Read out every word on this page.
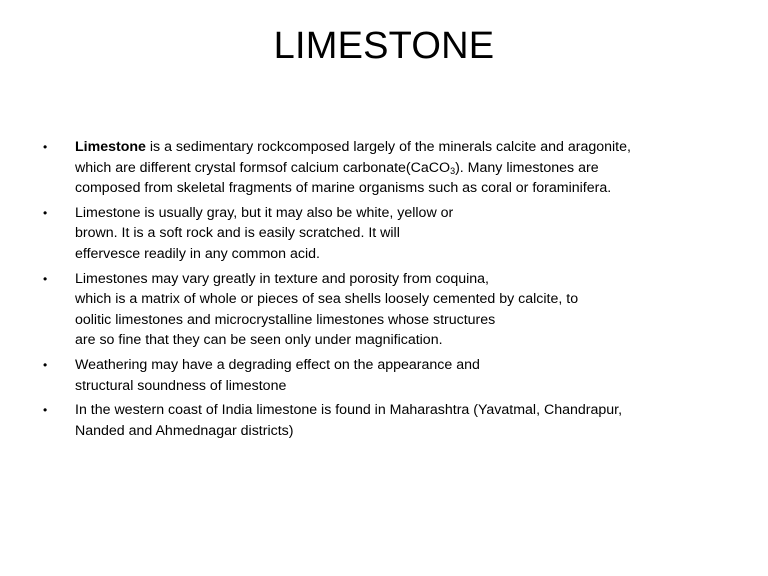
LIMESTONE
• Limestone is a sedimentary rockcomposed largely of the minerals calcite and aragonite,
which are different crystal formsof calcium carbonate(CaCO$_3$). Many limestones are
composed from skeletal fragments of marine organisms such as coral or foraminifera.
• Limestone is usually gray, but it may also be white, yellow or
brown. It is a soft rock and is easily scratched. It will
effervesce readily in any common acid.
• Limestones may vary greatly in texture and porosity from coquina,
which is a matrix of whole or pieces of sea shells loosely cemented by calcite, to
oolitic limestones and microcrystalline limestones whose structures
are so fine that they can be seen only under magnification.
• Weathering may have a degrading effect on the appearance and
structural soundness of limestone
• In the western coast of India limestone is found in Maharashtra (Yavatmal, Chandrapur,
Nanded and Ahmednagar districts)
